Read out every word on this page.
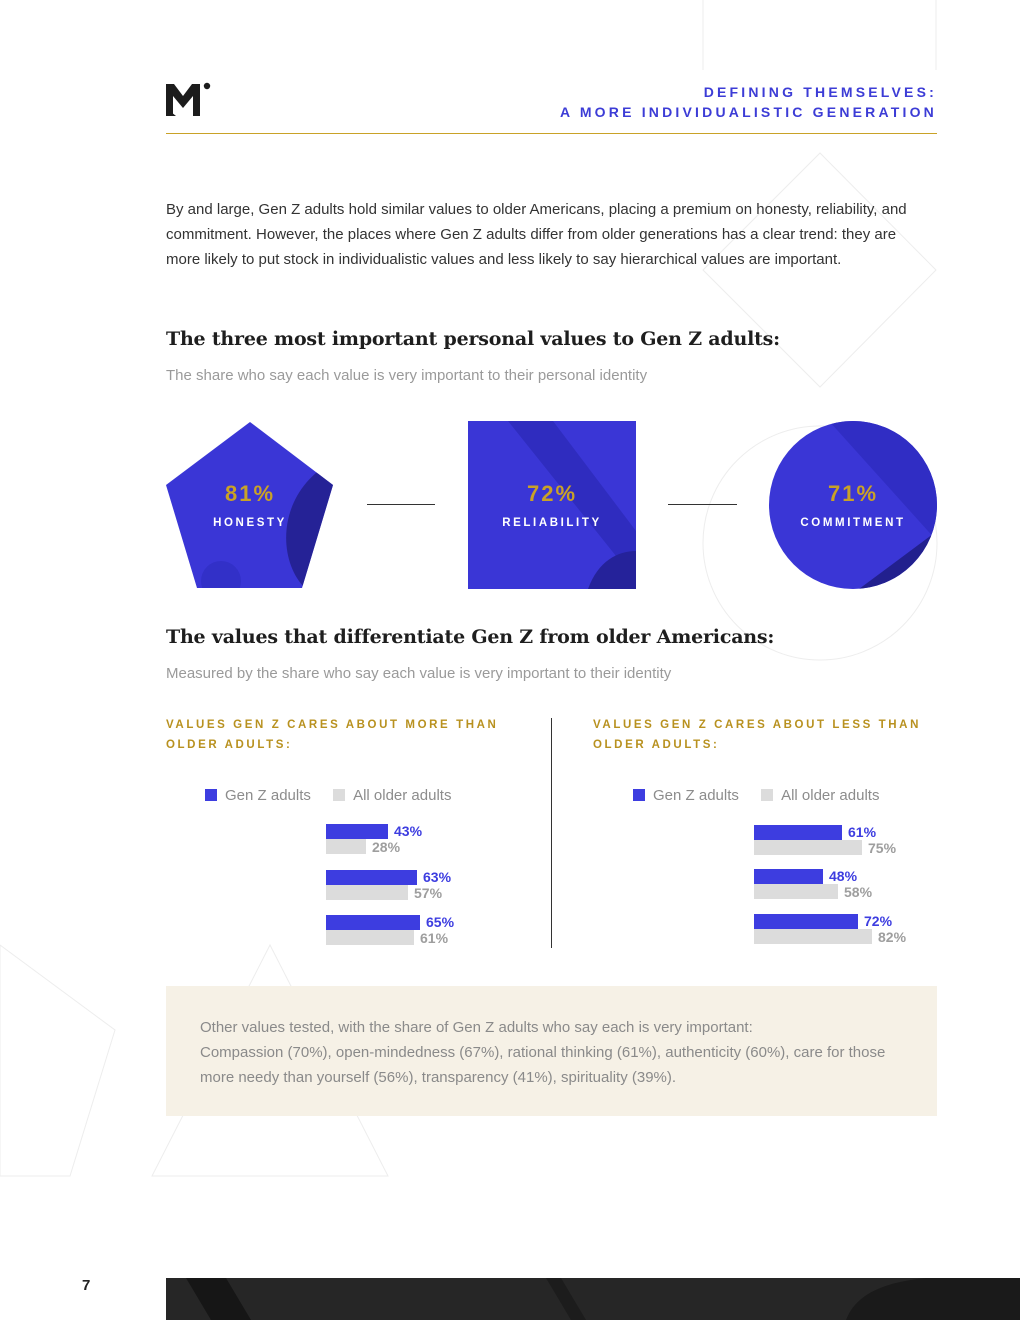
DEFINING THEMSELVES:
A MORE INDIVIDUALISTIC GENERATION
By and large, Gen Z adults hold similar values to older Americans, placing a premium on honesty, reliability, and commitment. However, the places where Gen Z adults differ from older generations has a clear trend: they are more likely to put stock in individualistic values and less likely to say hierarchical values are important.
The three most important personal values to Gen Z adults:
The share who say each value is very important to their personal identity
81%
HONESTY
72%
RELIABILITY
71%
COMMITMENT
The values that differentiate Gen Z from older Americans:
Measured by the share who say each value is very important to their identity
VALUES GEN Z CARES ABOUT MORE THAN
OLDER ADULTS:
Gen Z adults	All older adults
43%
28%
63%
57%
65%
61%
VALUES GEN Z CARES ABOUT LESS THAN
OLDER ADULTS:
Gen Z adults	All older adults
61%
75%
48%
58%
72%
82%
Other values tested, with the share of Gen Z adults who say each is very important:
Compassion (70%), open-mindedness (67%), rational thinking (61%), authenticity (60%), care for those more needy than yourself (56%), transparency (41%), spirituality (39%).
7
